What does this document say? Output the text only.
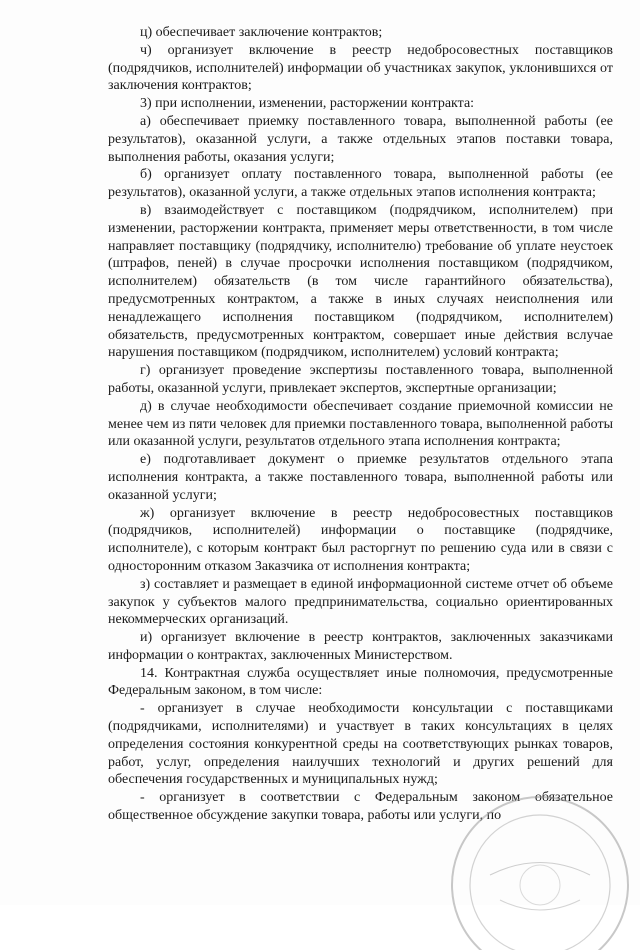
ц) обеспечивает заключение контрактов;

ч) организует включение в реестр недобросовестных поставщиков (подрядчиков, исполнителей) информации об участниках закупок, уклонившихся от заключения контрактов;

3) при исполнении, изменении, расторжении контракта:

а) обеспечивает приемку поставленного товара, выполненной работы (ее результатов), оказанной услуги, а также отдельных этапов поставки товара, выполнения работы, оказания услуги;

б) организует оплату поставленного товара, выполненной работы (ее результатов), оказанной услуги, а также отдельных этапов исполнения контракта;

в) взаимодействует с поставщиком (подрядчиком, исполнителем) при изменении, расторжении контракта, применяет меры ответственности, в том числе направляет поставщику (подрядчику, исполнителю) требование об уплате неустоек (штрафов, пеней) в случае просрочки исполнения поставщиком (подрядчиком, исполнителем) обязательств (в том числе гарантийного обязательства), предусмотренных контрактом, а также в иных случаях неисполнения или ненадлежащего исполнения поставщиком (подрядчиком, исполнителем) обязательств, предусмотренных контрактом, совершает иные действия вслучае нарушения поставщиком (подрядчиком, исполнителем) условий контракта;

г) организует проведение экспертизы поставленного товара, выполненной работы, оказанной услуги, привлекает экспертов, экспертные организации;

д) в случае необходимости обеспечивает создание приемочной комиссии не менее чем из пяти человек для приемки поставленного товара, выполненной работы или оказанной услуги, результатов отдельного этапа исполнения контракта;

е) подготавливает документ о приемке результатов отдельного этапа исполнения контракта, а также поставленного товара, выполненной работы или оказанной услуги;

ж) организует включение в реестр недобросовестных поставщиков (подрядчиков, исполнителей) информации о поставщике (подрядчике, исполнителе), с которым контракт был расторгнут по решению суда или в связи с односторонним отказом Заказчика от исполнения контракта;

з) составляет и размещает в единой информационной системе отчет об объеме закупок у субъектов малого предпринимательства, социально ориентированных некоммерческих организаций.

и) организует включение в реестр контрактов, заключенных заказчиками информации о контрактах, заключенных Министерством.

14. Контрактная служба осуществляет иные полномочия, предусмотренные Федеральным законом, в том числе:

- организует в случае необходимости консультации с поставщиками (подрядчиками, исполнителями) и участвует в таких консультациях в целях определения состояния конкурентной среды на соответствующих рынках товаров, работ, услуг, определения наилучших технологий и других решений для обеспечения государственных и муниципальных нужд;

- организует в соответствии с Федеральным законом обязательное общественное обсуждение закупки товара, работы или услуги, по
